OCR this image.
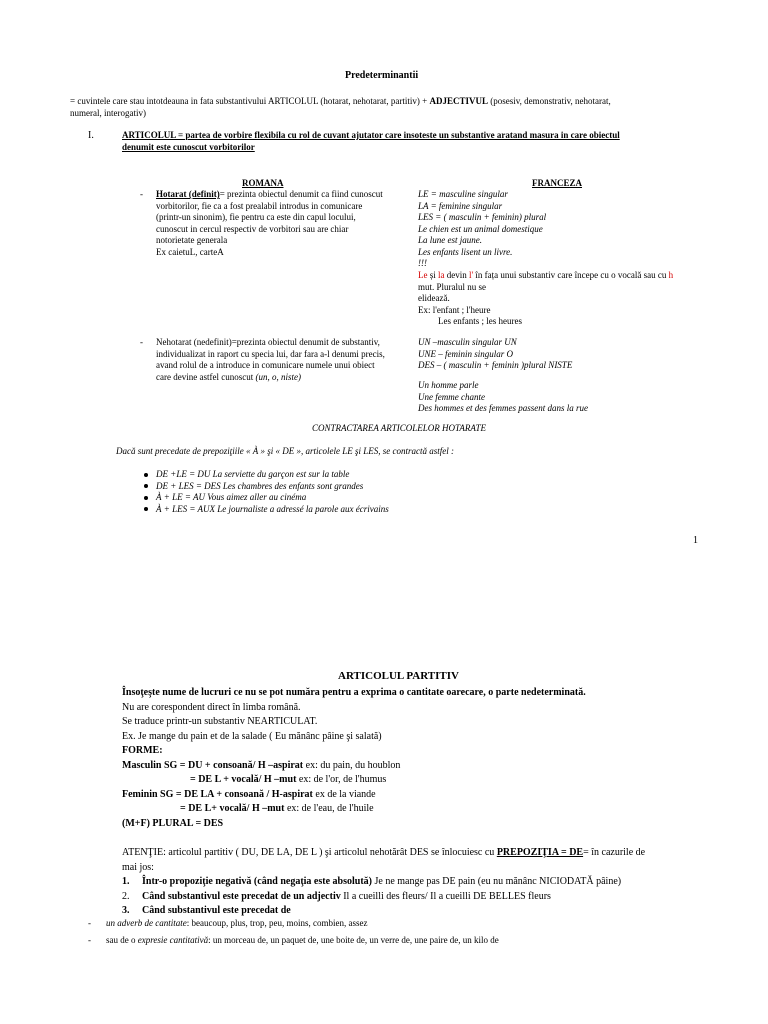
Predeterminantii
= cuvintele care stau intotdeauna in fata substantivului ARTICOLUL (hotarat, nehotarat, partitiv) + ADJECTIVUL (posesiv, demonstrativ, nehotarat,
numeral, interogativ)
I.	ARTICOLUL = partea de vorbire flexibila cu rol de cuvant ajutator care insoteste un substantive aratand masura in care obiectul
denumit este cunoscut vorbitorilor
ROMANA	FRANCEZA
- Hotarat (definit)= prezinta obiectul denumit ca fiind cunoscut
vorbitorilor, fie ca a fost prealabil introdus in comunicare
(printr-un sinonim), fie pentru ca este din capul locului,
cunoscut in cercul respectiv de vorbitori sau are chiar
notorietate generala
Ex caietuL, carteA
LE = masculine singular
LA = feminine singular
LES = ( masculin + feminin) plural
Le chien est un animal domestique
La lune est jaune.
Les enfants lisent un livre.
!!!
Le și la devin l' în fața unui substantiv care începe cu o vocală sau cu h
mut. Pluralul nu se
elidează.
Ex: l'enfant ; l'heure
Les enfants ; les heures
- Nehotarat (nedefinit)=prezinta obiectul denumit de substantiv,
individualizat in raport cu specia lui, dar fara a-l denumi precis,
avand rolul de a introduce in comunicare numele unui obiect
care devine astfel cunoscut (un, o, niste)
UN –masculin singular UN
UNE – feminin singular O
DES – ( masculin + feminin )plural NISTE
Un homme parle
Une femme chante
Des hommes et des femmes passent dans la rue
CONTRACTAREA ARTICOLELOR HOTARATE
Dacă sunt precedate de prepoziţiile « À » şi « DE », articolele LE şi LES, se contractă astfel :
DE +LE = DU La serviette du garçon est sur la table
DE + LES = DES Les chambres des enfants sont grandes
À + LE = AU Vous aimez aller au cinéma
À + LES = AUX Le journaliste a adressé la parole aux écrivains
1
ARTICOLUL PARTITIV
Însoţeşte nume de lucruri ce nu se pot număra pentru a exprima o cantitate oarecare, o parte nedeterminată.
Nu are corespondent direct în limba română.
Se traduce printr-un substantiv NEARTICULAT.
Ex. Je mange du pain et de la salade ( Eu mănânc pâine şi salată)
FORME:
Masculin SG = DU + consoană/ H –aspirat ex: du pain, du houblon
= DE L + vocală/ H –mut ex: de l'or, de l'humus
Feminin SG = DE LA + consoană / H-aspirat ex de la viande
= DE L+ vocală/ H –mut ex: de l'eau, de l'huile
(M+F) PLURAL = DES
ATENŢIE: articolul partitiv ( DU, DE LA, DE L ) şi articolul nehotărât DES se înlocuiesc cu PREPOZIŢIA = DE= în cazurile de
mai jos:
1. Într-o propoziţie negativă (când negaţia este absolută) Je ne mange pas DE pain (eu nu mănânc NICIODATĂ pâine)
2. Când substantivul este precedat de un adjectiv Il a cueilli des fleurs/ Il a cueilli DE BELLES fleurs
3. Când substantivul este precedat de
- un adverb de cantitate: beaucoup, plus, trop, peu, moins, combien, assez
- sau de o expresie cantitativă: un morceau de, un paquet de, une boite de, un verre de, une paire de, un kilo de
